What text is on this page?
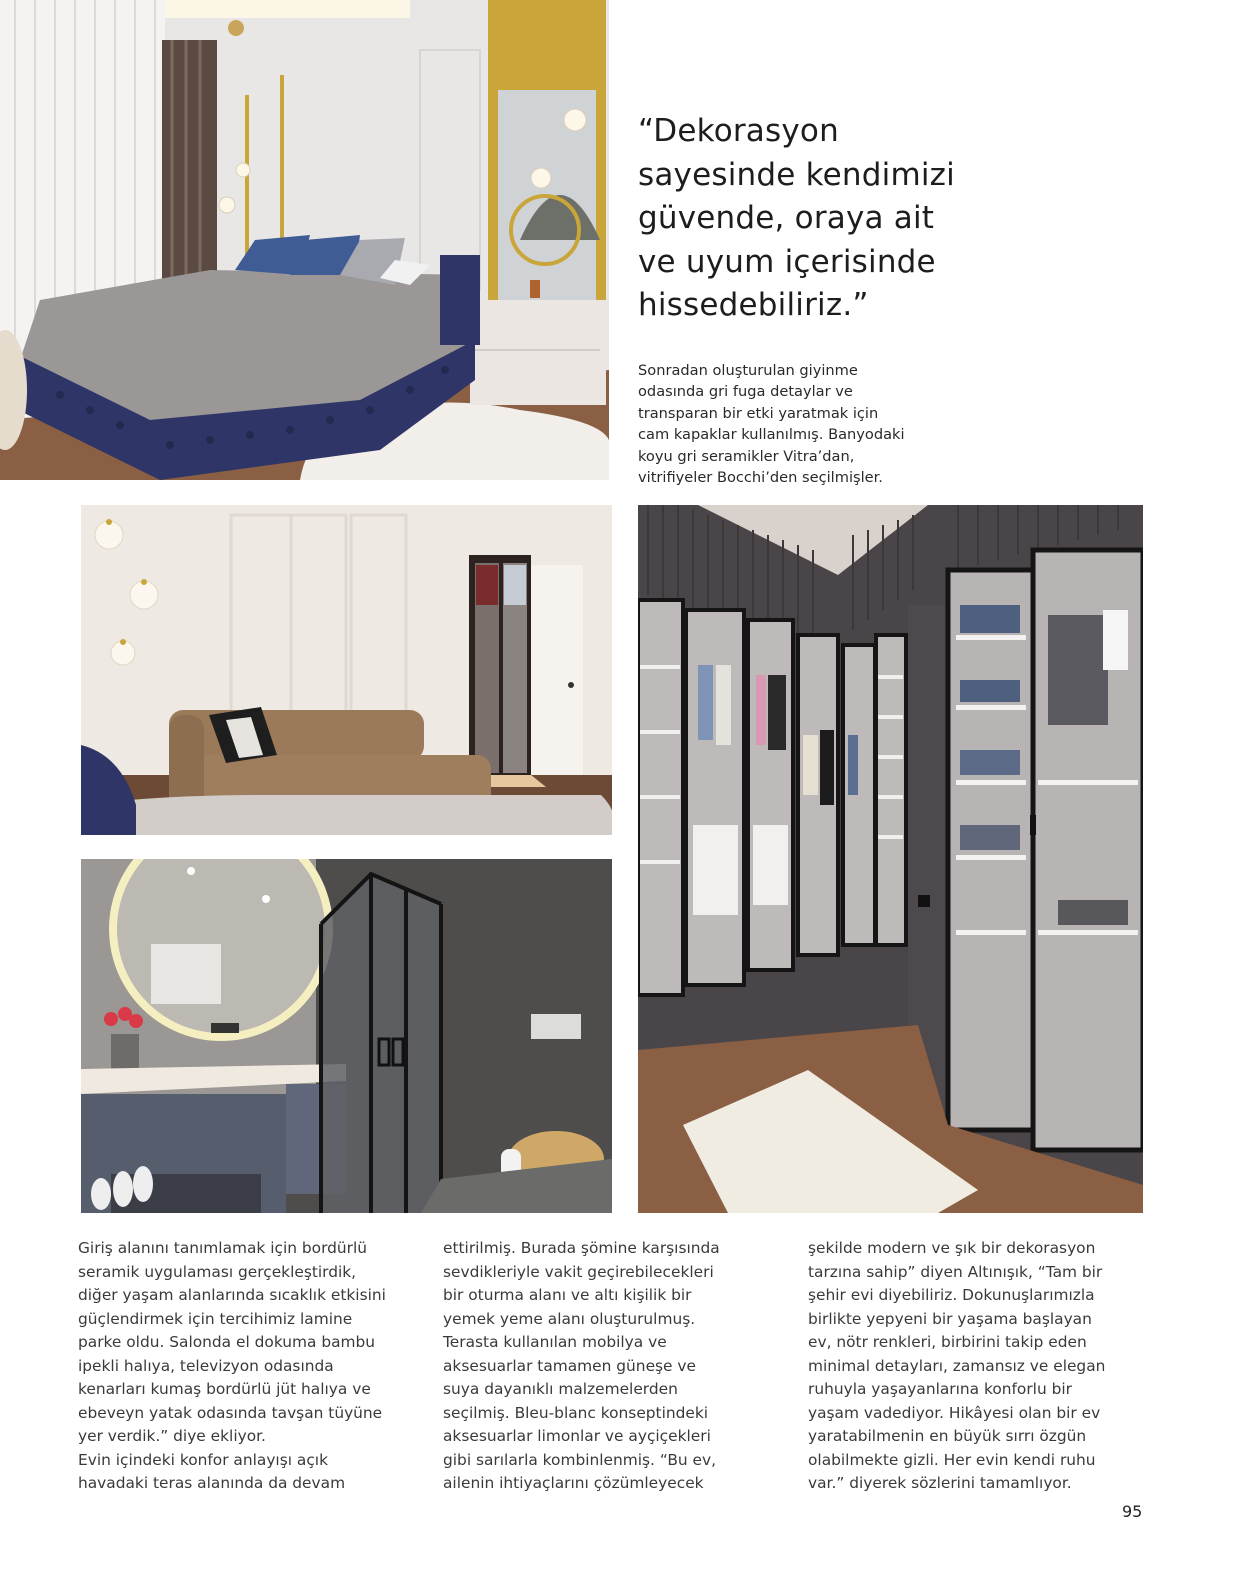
“Dekorasyon
sayesinde kendimizi
güvende, oraya ait
ve uyum içerisinde
hissedebiliriz.”
Sonradan oluşturulan giyinme
odasında gri fuga detaylar ve
transparan bir etki yaratmak için
cam kapaklar kullanılmış. Banyodaki
koyu gri seramikler Vitra’dan,
vitrifiyeler Bocchi’den seçilmişler.
Giriş alanını tanımlamak için bordürlü
seramik uygulaması gerçekleştirdik,
diğer yaşam alanlarında sıcaklık etkisini
güçlendirmek için tercihimiz lamine
parke oldu. Salonda el dokuma bambu
ipekli halıya, televizyon odasında
kenarları kumaş bordürlü jüt halıya ve
ebeveyn yatak odasında tavşan tüyüne
yer verdik.” diye ekliyor.
Evin içindeki konfor anlayışı açık
havadaki teras alanında da devam
ettirilmiş. Burada şömine karşısında
sevdikleriyle vakit geçirebilecekleri
bir oturma alanı ve altı kişilik bir
yemek yeme alanı oluşturulmuş.
Terasta kullanılan mobilya ve
aksesuarlar tamamen güneşe ve
suya dayanıklı malzemelerden
seçilmiş. Bleu-blanc konseptindeki
aksesuarlar limonlar ve ayçiçekleri
gibi sarılarla kombinlenmiş. “Bu ev,
ailenin ihtiyaçlarını çözümleyecek
şekilde modern ve şık bir dekorasyon
tarzına sahip” diyen Altınışık, “Tam bir
şehir evi diyebiliriz. Dokunuşlarımızla
birlikte yepyeni bir yaşama başlayan
ev, nötr renkleri, birbirini takip eden
minimal detayları, zamansız ve elegan
ruhuyla yaşayanlarına konforlu bir
yaşam vadediyor. Hikâyesi olan bir ev
yaratabilmenin en büyük sırrı özgün
olabilmekte gizli. Her evin kendi ruhu
var.” diyerek sözlerini tamamlıyor.
95
